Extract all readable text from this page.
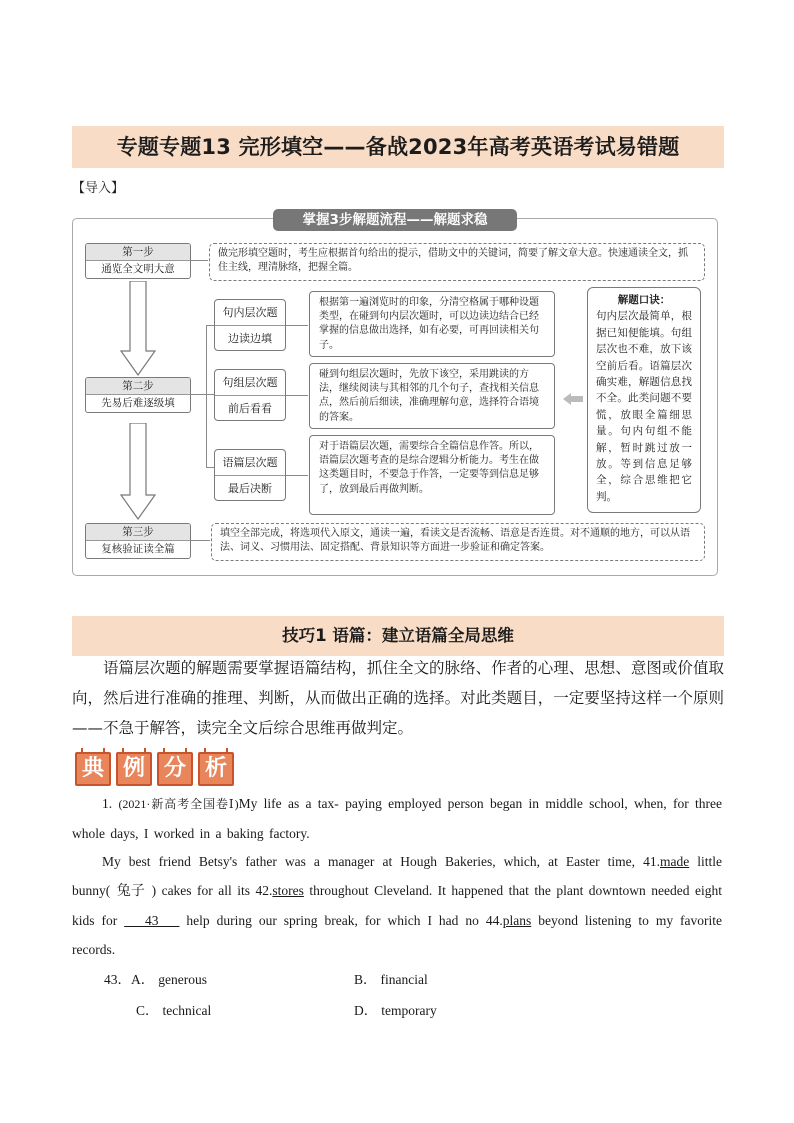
专题专题13 完形填空——备战2023年高考英语考试易错题
【导入】
掌握3步解题流程——解题求稳
第一步
通览全文明大意
做完形填空题时，考生应根据首句给出的提示，借助文中的关键词，简要了解文章大意。快速通读全文，抓住主线，理清脉络，把握全篇。
第二步
先易后难逐级填
句内层次题
边读边填
根据第一遍浏览时的印象，分清空格属于哪种设题类型，在碰到句内层次题时，可以边读边结合已经掌握的信息做出选择，如有必要，可再回读相关句子。
句组层次题
前后看看
碰到句组层次题时，先放下该空，采用跳读的方法，继续阅读与其相邻的几个句子，查找相关信息点，然后前后细读，准确理解句意，选择符合语境的答案。
语篇层次题
最后决断
对于语篇层次题，需要综合全篇信息作答。所以，语篇层次题考查的是综合逻辑分析能力。考生在做这类题目时，不要急于作答，一定要等到信息足够了，放到最后再做判断。
解题口诀：
句内层次最简单，根据已知便能填。句组层次也不难，放下该空前后看。语篇层次确实难，解题信息找不全。此类问题不要慌，放眼全篇细思量。句内句组不能解，暂时跳过放一放。等到信息足够全，综合思维把它判。
第三步
复核验证读全篇
填空全部完成，将选项代入原文，通读一遍，看读文是否流畅、语意是否连贯。对不通顺的地方，可以从语法、词义、习惯用法、固定搭配、背景知识等方面进一步验证和确定答案。
技巧1 语篇：建立语篇全局思维
语篇层次题的解题需要掌握语篇结构，抓住全文的脉络、作者的心理、思想、意图或价值取向，然后进行准确的推理、判断，从而做出正确的选择。对此类题目，一定要坚持这样一个原则——不急于解答，读完全文后综合思维再做判定。
典 例 分 析
1. (2021·新高考全国卷Ⅰ)My life as a tax- paying employed person began in middle school, when, for three whole days, I worked in a baking factory.
My best friend Betsy's father was a manager at Hough Bakeries, which, at Easter time, 41.made little bunny( 兔子 ) cakes for all its 42.stores throughout Cleveland. It happened that the plant downtown needed eight kids for    43    help during our spring break, for which I had no 44.plans beyond listening to my favorite records.
43．A． generous	B． financial
C． technical	D． temporary
